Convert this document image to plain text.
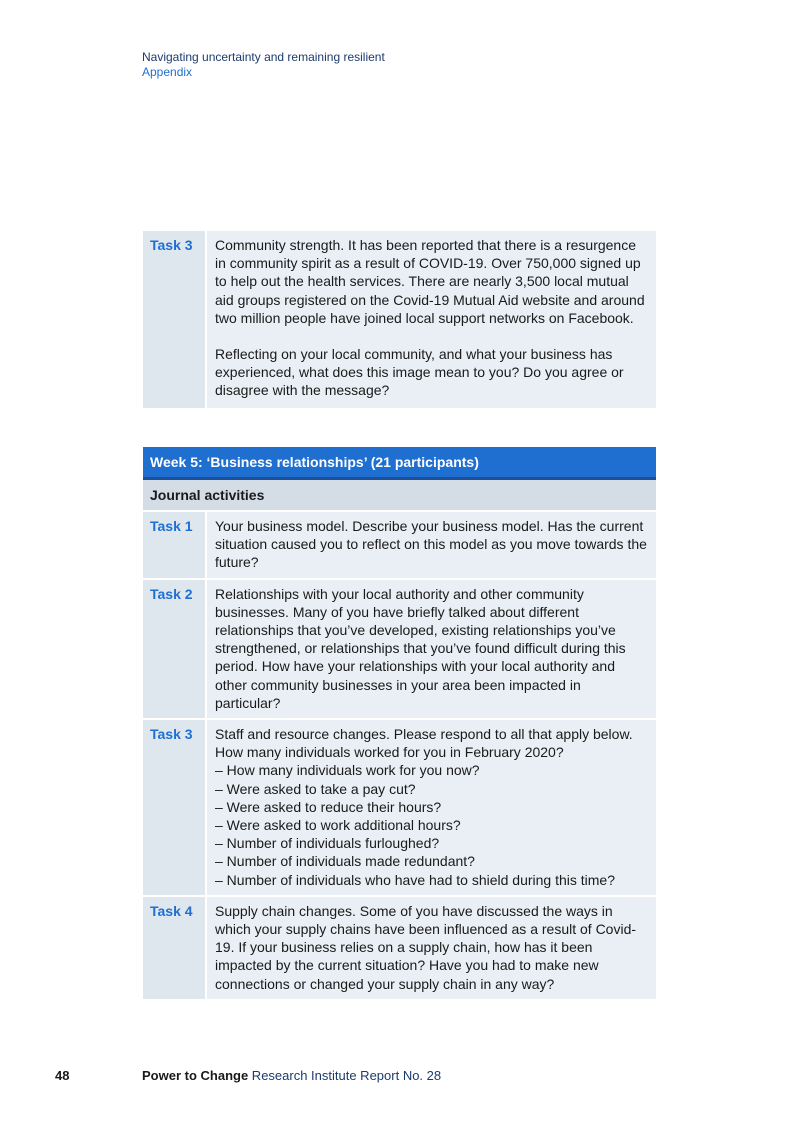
Navigating uncertainty and remaining resilient
Appendix
Task 3	Community strength. It has been reported that there is a resurgence in community spirit as a result of COVID-19. Over 750,000 signed up to help out the health services. There are nearly 3,500 local mutual aid groups registered on the Covid-19 Mutual Aid website and around two million people have joined local support networks on Facebook.

Reflecting on your local community, and what your business has experienced, what does this image mean to you? Do you agree or disagree with the message?

Week 5: ‘Business relationships’ (21 participants)
Journal activities
Task 1	Your business model. Describe your business model. Has the current situation caused you to reflect on this model as you move towards the future?

Task 2	Relationships with your local authority and other community businesses. Many of you have briefly talked about different relationships that you’ve developed, existing relationships you’ve strengthened, or relationships that you’ve found difficult during this period. How have your relationships with your local authority and other community businesses in your area been impacted in particular?

Task 3	Staff and resource changes. Please respond to all that apply below. How many individuals worked for you in February 2020?
– How many individuals work for you now?
– Were asked to take a pay cut?
– Were asked to reduce their hours?
– Were asked to work additional hours?
– Number of individuals furloughed?
– Number of individuals made redundant?
– Number of individuals who have had to shield during this time?
Task 4	Supply chain changes. Some of you have discussed the ways in which your supply chains have been influenced as a result of Covid-19. If your business relies on a supply chain, how has it been impacted by the current situation? Have you had to make new connections or changed your supply chain in any way?

48	Power to Change Research Institute Report No. 28
